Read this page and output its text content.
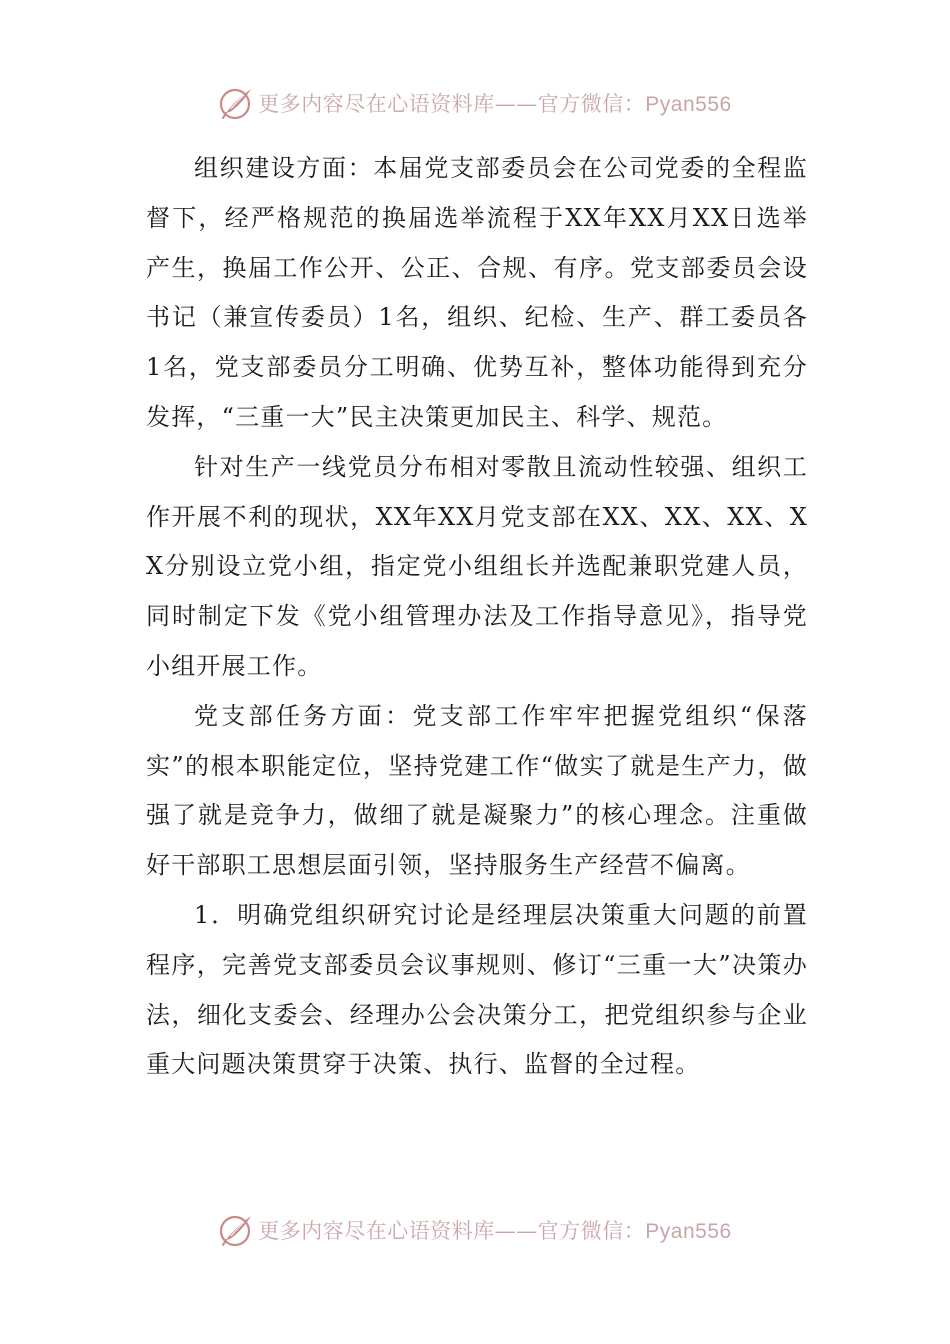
更多内容尽在心语资料库——官方微信：Pyan556

组织建设方面：本届党支部委员会在公司党委的全程监督下，经严格规范的换届选举流程于XX年XX月XX日选举产生，换届工作公开、公正、合规、有序。党支部委员会设书记（兼宣传委员）1名，组织、纪检、生产、群工委员各1名，党支部委员分工明确、优势互补，整体功能得到充分发挥，“三重一大”民主决策更加民主、科学、规范。

针对生产一线党员分布相对零散且流动性较强、组织工作开展不利的现状，XX年XX月党支部在XX、XX、XX、XX分别设立党小组，指定党小组组长并选配兼职党建人员，同时制定下发《党小组管理办法及工作指导意见》，指导党小组开展工作。

党支部任务方面：党支部工作牢牢把握党组织“保落实”的根本职能定位，坚持党建工作“做实了就是生产力，做强了就是竞争力，做细了就是凝聚力”的核心理念。注重做好干部职工思想层面引领，坚持服务生产经营不偏离。

1．明确党组织研究讨论是经理层决策重大问题的前置程序，完善党支部委员会议事规则、修订“三重一大”决策办法，细化支委会、经理办公会决策分工，把党组织参与企业重大问题决策贯穿于决策、执行、监督的全过程。

更多内容尽在心语资料库——官方微信：Pyan556
